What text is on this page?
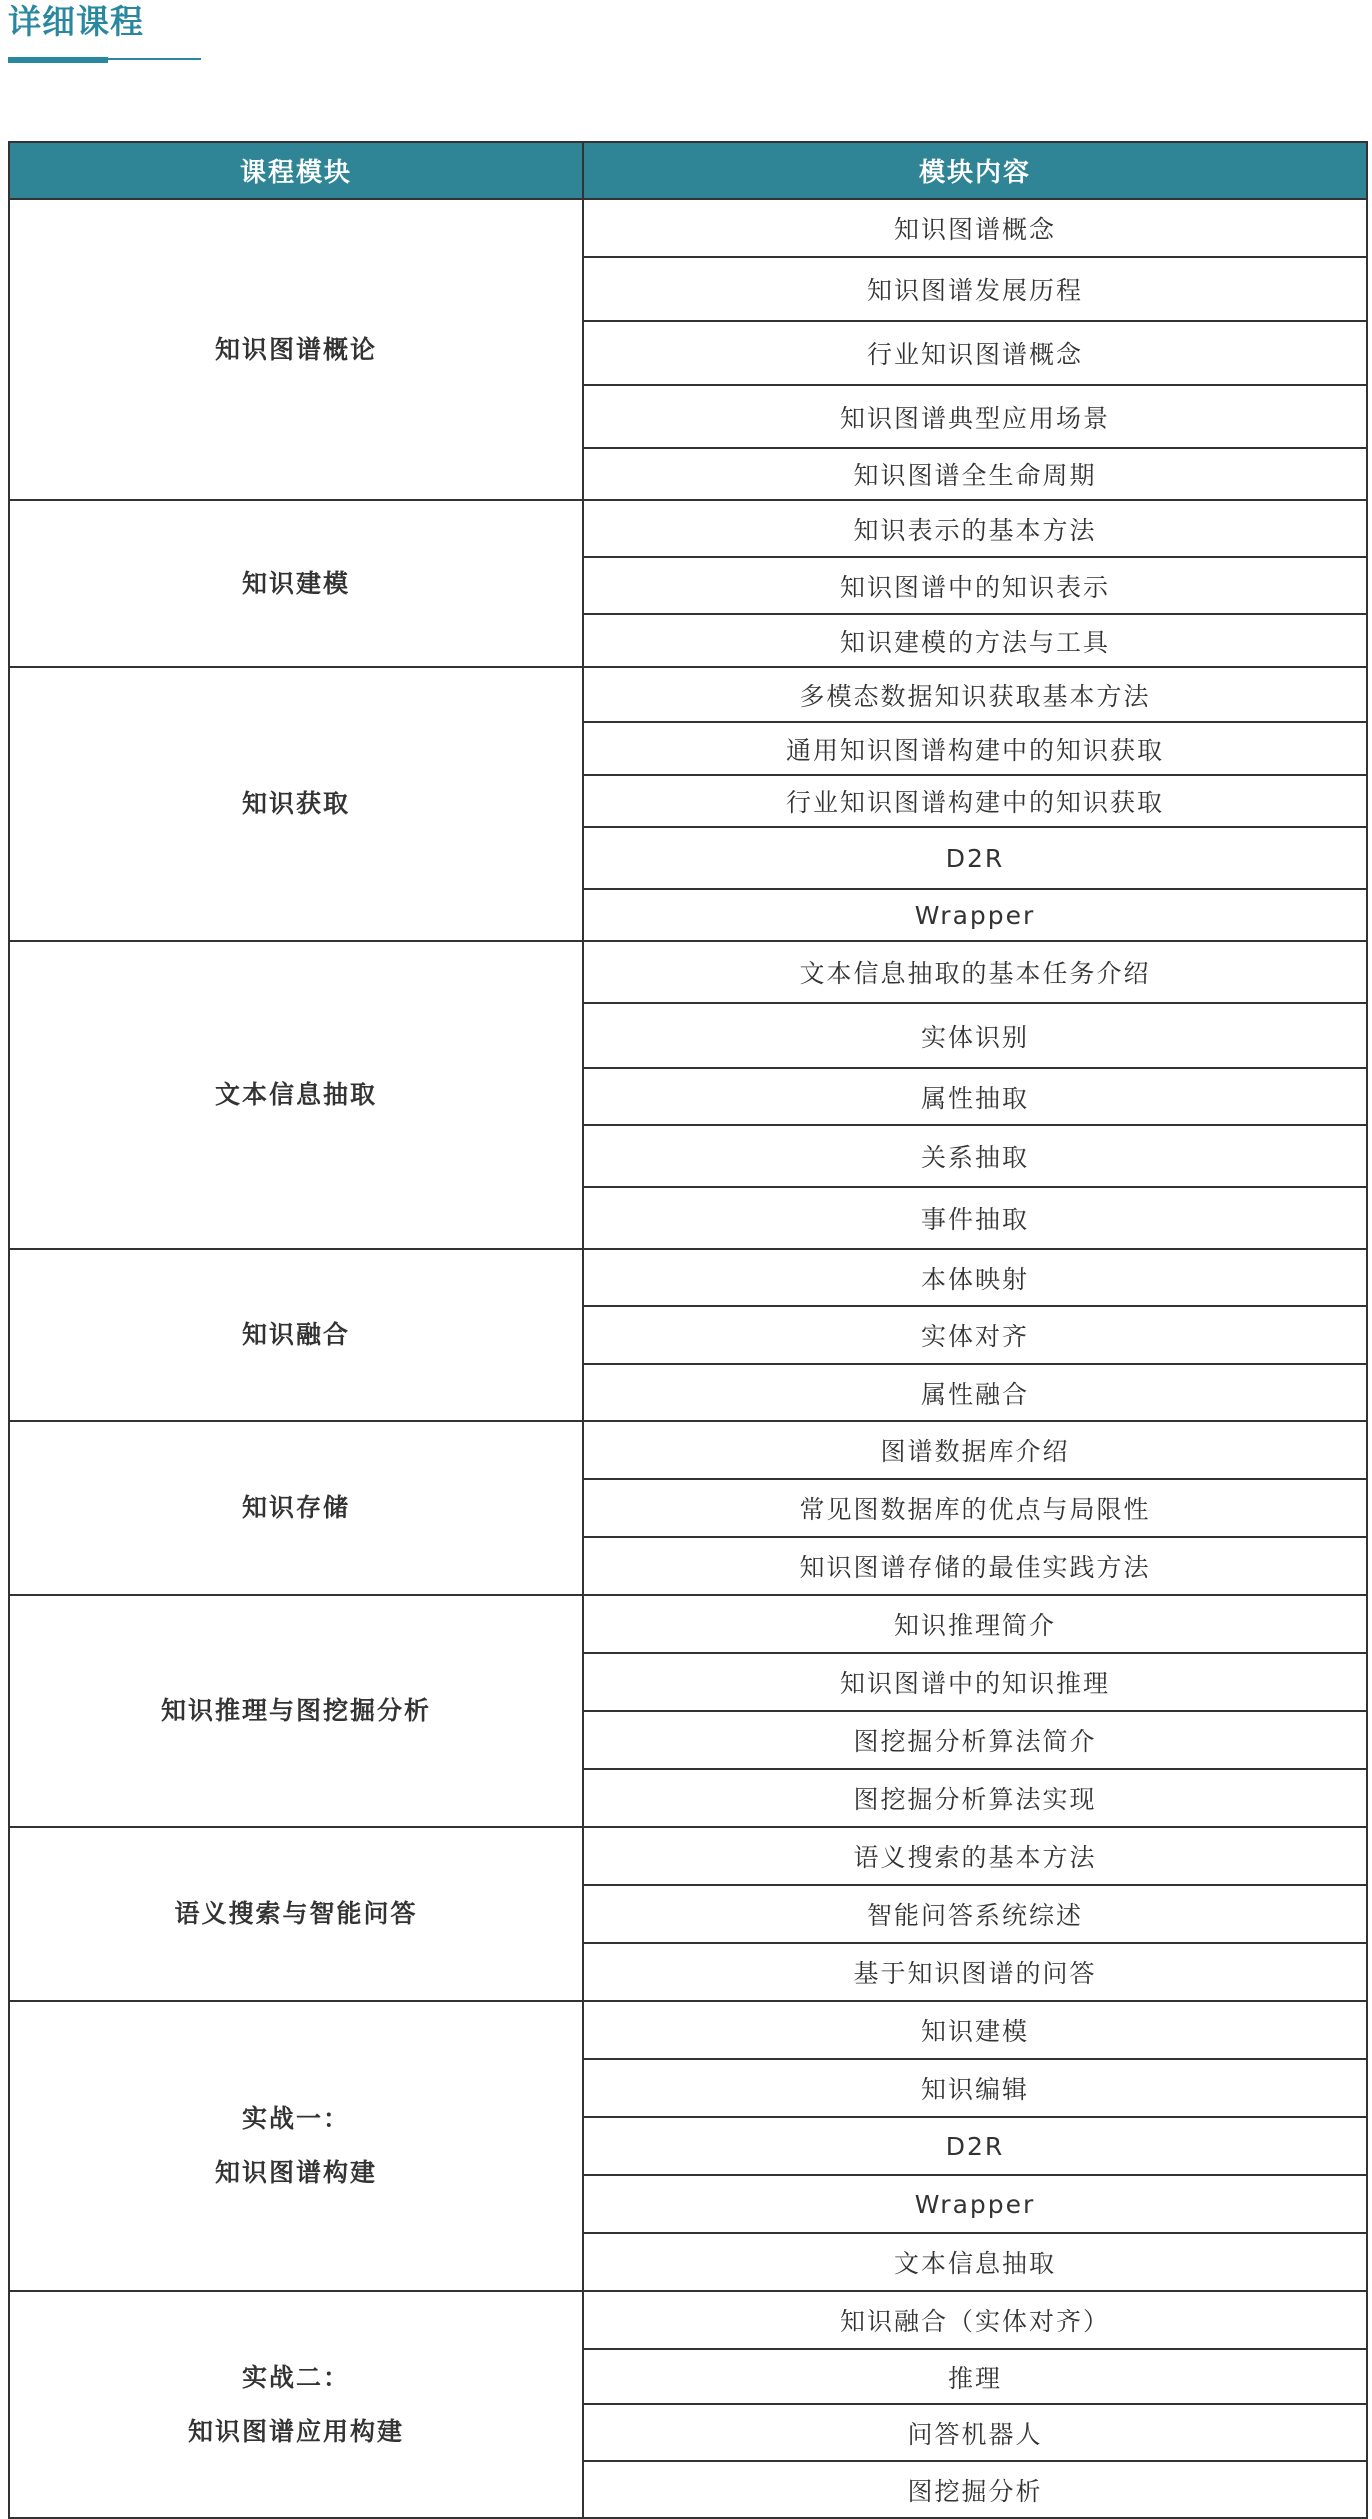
详细课程
课程模块	模块内容

知识图谱概论	知识图谱概念
	知识图谱发展历程
	行业知识图谱概念
	知识图谱典型应用场景
	知识图谱全生命周期

知识建模	知识表示的基本方法
	知识图谱中的知识表示
	知识建模的方法与工具

知识获取	多模态数据知识获取基本方法
	通用知识图谱构建中的知识获取
	行业知识图谱构建中的知识获取
	D2R
	Wrapper

文本信息抽取	文本信息抽取的基本任务介绍
	实体识别
	属性抽取
	关系抽取
	事件抽取

知识融合	本体映射
	实体对齐
	属性融合

知识存储	图谱数据库介绍
	常见图数据库的优点与局限性
	知识图谱存储的最佳实践方法

知识推理与图挖掘分析	知识推理简介
	知识图谱中的知识推理
	图挖掘分析算法简介
	图挖掘分析算法实现

语义搜索与智能问答	语义搜索的基本方法
	智能问答系统综述
	基于知识图谱的问答

实战一：
知识图谱构建	知识建模
	知识编辑
	D2R
	Wrapper
	文本信息抽取

实战二：
知识图谱应用构建	知识融合（实体对齐）
	推理
	问答机器人
	图挖掘分析
